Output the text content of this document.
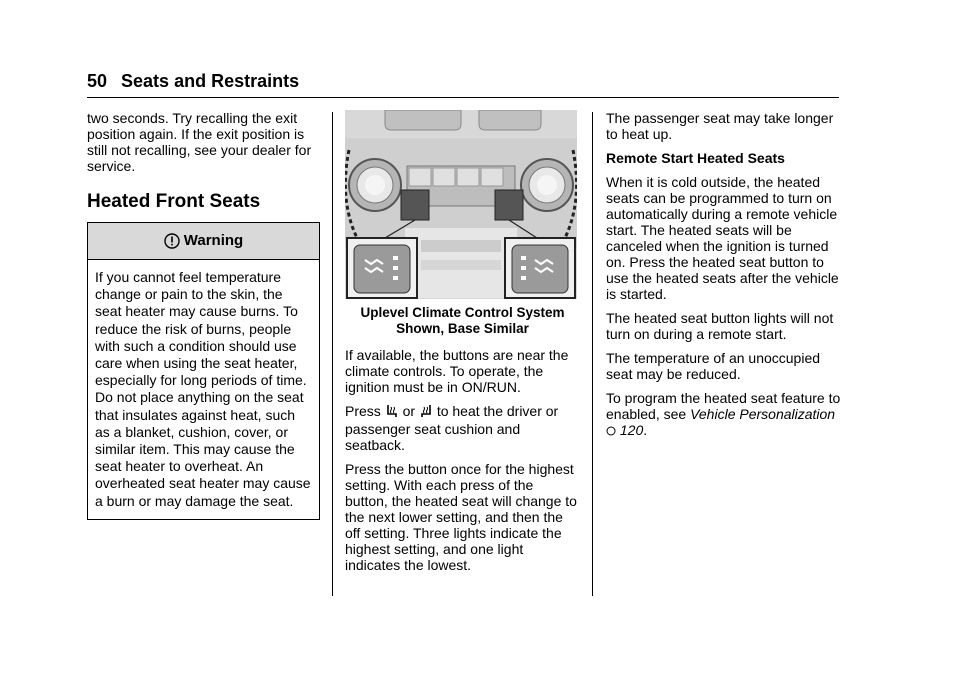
50 Seats and Restraints

two seconds. Try recalling the exit position again. If the exit position is still not recalling, see your dealer for service.

Heated Front Seats
Warning
If you cannot feel temperature change or pain to the skin, the seat heater may cause burns. To reduce the risk of burns, people with such a condition should use care when using the seat heater, especially for long periods of time. Do not place anything on the seat that insulates against heat, such as a blanket, cushion, cover, or similar item. This may cause the seat heater to overheat. An overheated seat heater may cause a burn or may damage the seat.
Uplevel Climate Control System
Shown, Base Similar

If available, the buttons are near the climate controls. To operate, the ignition must be in ON/RUN.

Press or to heat the driver or

passenger seat cushion and seatback.

Press the button once for the highest setting. With each press of the button, the heated seat will change to the next lower setting, and then the off setting. Three lights indicate the highest setting, and one light indicates the lowest.

The passenger seat may take longer to heat up.

Remote Start Heated Seats

When it is cold outside, the heated seats can be programmed to turn on automatically during a remote vehicle start. The heated seats will be canceled when the ignition is turned on. Press the heated seat button to use the heated seats after the vehicle is started.

The heated seat button lights will not turn on during a remote start.

The temperature of an unoccupied seat may be reduced.

To program the heated seat feature to enabled, see Vehicle Personalization  120.
